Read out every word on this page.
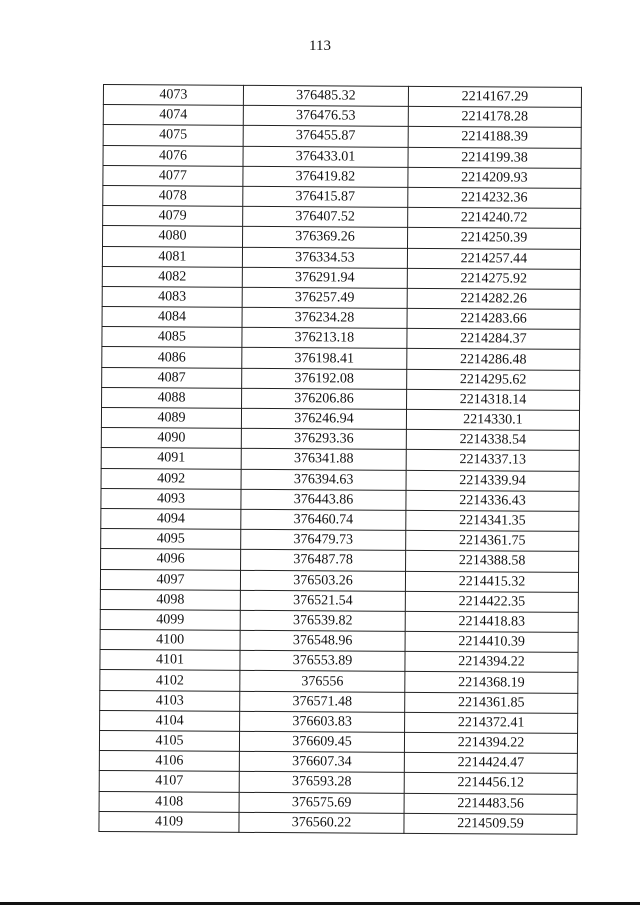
113
4073	376485.32	2214167.29
4074	376476.53	2214178.28
4075	376455.87	2214188.39
4076	376433.01	2214199.38
4077	376419.82	2214209.93
4078	376415.87	2214232.36
4079	376407.52	2214240.72
4080	376369.26	2214250.39
4081	376334.53	2214257.44
4082	376291.94	2214275.92
4083	376257.49	2214282.26
4084	376234.28	2214283.66
4085	376213.18	2214284.37
4086	376198.41	2214286.48
4087	376192.08	2214295.62
4088	376206.86	2214318.14
4089	376246.94	2214330.1
4090	376293.36	2214338.54
4091	376341.88	2214337.13
4092	376394.63	2214339.94
4093	376443.86	2214336.43
4094	376460.74	2214341.35
4095	376479.73	2214361.75
4096	376487.78	2214388.58
4097	376503.26	2214415.32
4098	376521.54	2214422.35
4099	376539.82	2214418.83
4100	376548.96	2214410.39
4101	376553.89	2214394.22
4102	376556	2214368.19
4103	376571.48	2214361.85
4104	376603.83	2214372.41
4105	376609.45	2214394.22
4106	376607.34	2214424.47
4107	376593.28	2214456.12
4108	376575.69	2214483.56
4109	376560.22	2214509.59
